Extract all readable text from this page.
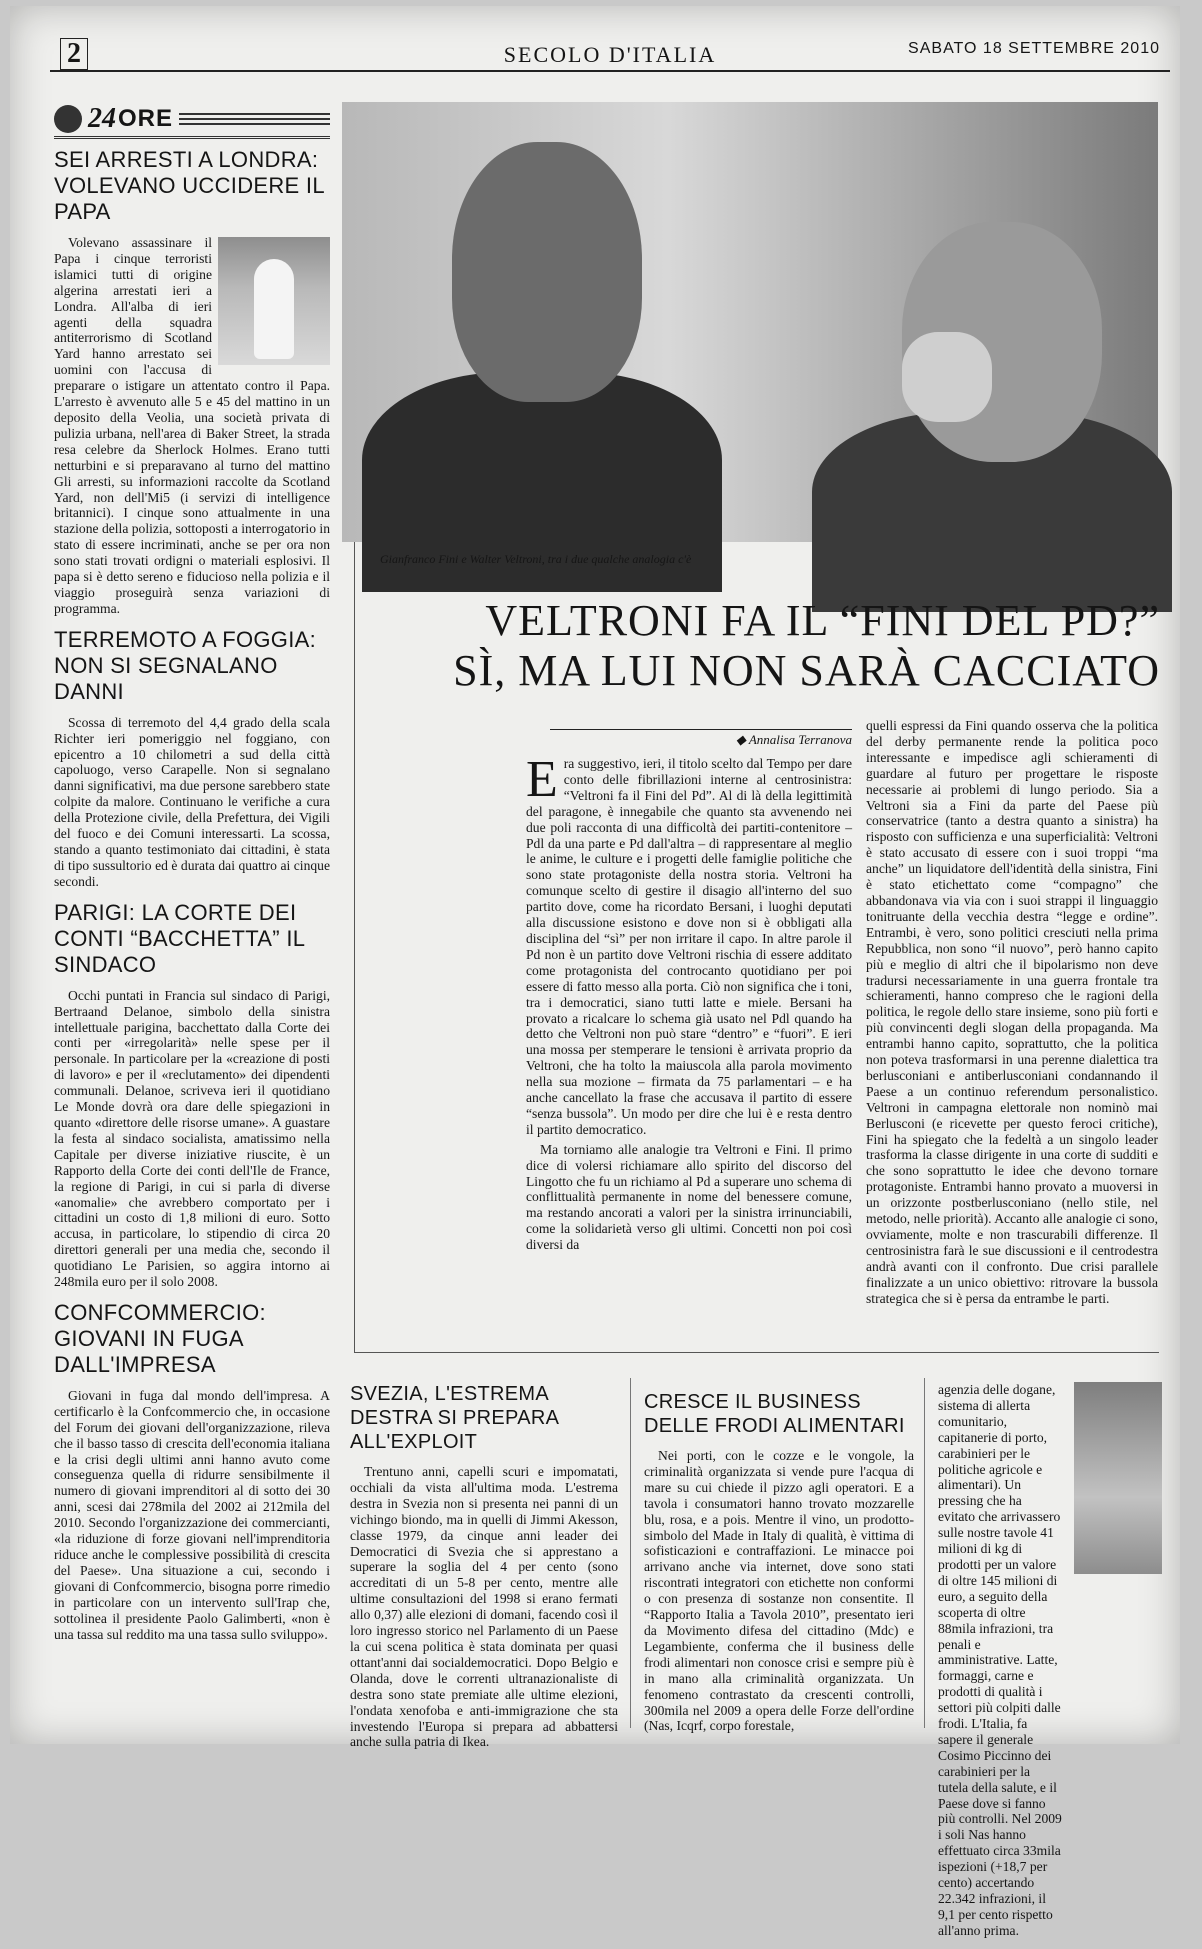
2	SECOLO D'ITALIA	SABATO 18 SETTEMBRE 2010
24 ORE
SEI ARRESTI A LONDRA: VOLEVANO UCCIDERE IL PAPA

Volevano assassinare il Papa i cinque terroristi islamici tutti di origine algerina arrestati ieri a Londra. All'alba di ieri agenti della squadra antiterrorismo di Scotland Yard hanno arrestato sei uomini con l'accusa di preparare o istigare un attentato contro il Papa. L'arresto è avvenuto alle 5 e 45 del mattino in un deposito della Veolia, una società privata di pulizia urbana, nell'area di Baker Street, la strada resa celebre da Sherlock Holmes. Erano tutti netturbini e si preparavano al turno del mattino Gli arresti, su informazioni raccolte da Scotland Yard, non dell'Mi5 (i servizi di intelligence britannici). I cinque sono attualmente in una stazione della polizia, sottoposti a interrogatorio in stato di essere incriminati, anche se per ora non sono stati trovati ordigni o materiali esplosivi. Il papa si è detto sereno e fiducioso nella polizia e il viaggio proseguirà senza variazioni di programma.

TERREMOTO A FOGGIA: NON SI SEGNALANO DANNI

Scossa di terremoto del 4,4 grado della scala Richter ieri pomeriggio nel foggiano, con epicentro a 10 chilometri a sud della città capoluogo, verso Carapelle. Non si segnalano danni significativi, ma due persone sarebbero state colpite da malore. Continuano le verifiche a cura della Protezione civile, della Prefettura, dei Vigili del fuoco e dei Comuni interessarti. La scossa, stando a quanto testimoniato dai cittadini, è stata di tipo sussultorio ed è durata dai quattro ai cinque secondi.

PARIGI: LA CORTE DEI CONTI “BACCHETTA” IL SINDACO

Occhi puntati in Francia sul sindaco di Parigi, Bertraand Delanoe, simbolo della sinistra intellettuale parigina, bacchettato dalla Corte dei conti per «irregolarità» nelle spese per il personale. In particolare per la «creazione di posti di lavoro» e per il «reclutamento» dei dipendenti communali. Delanoe, scriveva ieri il quotidiano Le Monde dovrà ora dare delle spiegazioni in quanto «direttore delle risorse umane». A guastare la festa al sindaco socialista, amatissimo nella Capitale per diverse iniziative riuscite, è un Rapporto della Corte dei conti dell'Ile de France, la regione di Parigi, in cui si parla di diverse «anomalie» che avrebbero comportato per i cittadini un costo di 1,8 milioni di euro. Sotto accusa, in particolare, lo stipendio di circa 20 direttori generali per una media che, secondo il quotidiano Le Parisien, so aggira intorno ai 248mila euro per il solo 2008.

CONFCOMMERCIO: GIOVANI IN FUGA DALL'IMPRESA

Giovani in fuga dal mondo dell'impresa. A certificarlo è la Confcommercio che, in occasione del Forum dei giovani dell'organizzazione, rileva che il basso tasso di crescita dell'economia italiana e la crisi degli ultimi anni hanno avuto come conseguenza quella di ridurre sensibilmente il numero di giovani imprenditori al di sotto dei 30 anni, scesi dai 278mila del 2002 ai 212mila del 2010. Secondo l'organizzazione dei commercianti, «la riduzione di forze giovani nell'imprenditoria riduce anche le complessive possibilità di crescita del Paese». Una situazione a cui, secondo i giovani di Confcommercio, bisogna porre rimedio in particolare con un intervento sull'Irap che, sottolinea il presidente Paolo Galimberti, «non è una tassa sul reddito ma una tassa sullo sviluppo».

Gianfranco Fini e Walter Veltroni, tra i due qualche analogia c'è
VELTRONI FA IL “FINI DEL PD?”
SÌ, MA LUI NON SARÀ CACCIATO
◆ Annalisa Terranova
E ra suggestivo, ieri, il titolo scelto dal Tempo per dare conto delle fibrillazioni interne al centrosinistra: “Veltroni fa il Fini del Pd”. Al di là della legittimità del paragone, è innegabile che quanto sta avvenendo nei due poli racconta di una difficoltà dei partiti-contenitore – Pdl da una parte e Pd dall'altra – di rappresentare al meglio le anime, le culture e i progetti delle famiglie politiche che sono state protagoniste della nostra storia. Veltroni ha comunque scelto di gestire il disagio all'interno del suo partito dove, come ha ricordato Bersani, i luoghi deputati alla discussione esistono e dove non si è obbligati alla disciplina del “sì” per non irritare il capo. In altre parole il Pd non è un partito dove Veltroni rischia di essere additato come protagonista del controcanto quotidiano per poi essere di fatto messo alla porta. Ciò non significa che i toni, tra i democratici, siano tutti latte e miele. Bersani ha provato a ricalcare lo schema già usato nel Pdl quando ha detto che Veltroni non può stare “dentro” e “fuori”. E ieri una mossa per stemperare le tensioni è arrivata proprio da Veltroni, che ha tolto la maiuscola alla parola movimento nella sua mozione – firmata da 75 parlamentari – e ha anche cancellato la frase che accusava il partito di essere “senza bussola”. Un modo per dire che lui è e resta dentro il partito democratico.

Ma torniamo alle analogie tra Veltroni e Fini. Il primo dice di volersi richiamare allo spirito del discorso del Lingotto che fu un richiamo al Pd a superare uno schema di conflittualità permanente in nome del benessere comune, ma restando ancorati a valori per la sinistra irrinunciabili, come la solidarietà verso gli ultimi. Concetti non poi così diversi da

quelli espressi da Fini quando osserva che la politica del derby permanente rende la politica poco interessante e impedisce agli schieramenti di guardare al futuro per progettare le risposte necessarie ai problemi di lungo periodo. Sia a Veltroni sia a Fini da parte del Paese più conservatrice (tanto a destra quanto a sinistra) ha risposto con sufficienza e una superficialità: Veltroni è stato accusato di essere con i suoi troppi “ma anche” un liquidatore dell'identità della sinistra, Fini è stato etichettato come “compagno” che abbandonava via via con i suoi strappi il linguaggio tonitruante della vecchia destra “legge e ordine”. Entrambi, è vero, sono politici cresciuti nella prima Repubblica, non sono “il nuovo”, però hanno capito più e meglio di altri che il bipolarismo non deve tradursi necessariamente in una guerra frontale tra schieramenti, hanno compreso che le ragioni della politica, le regole dello stare insieme, sono più forti e più convincenti degli slogan della propaganda. Ma entrambi hanno capito, soprattutto, che la politica non poteva trasformarsi in una perenne dialettica tra berlusconiani e antiberlusconiani condannando il Paese a un continuo referendum personalistico. Veltroni in campagna elettorale non nominò mai Berlusconi (e ricevette per questo feroci critiche), Fini ha spiegato che la fedeltà a un singolo leader trasforma la classe dirigente in una corte di sudditi e che sono soprattutto le idee che devono tornare protagoniste. Entrambi hanno provato a muoversi in un orizzonte postberlusconiano (nello stile, nel metodo, nelle priorità). Accanto alle analogie ci sono, ovviamente, molte e non trascurabili differenze. Il centrosinistra farà le sue discussioni e il centrodestra andrà avanti con il confronto. Due crisi parallele finalizzate a un unico obiettivo: ritrovare la bussola strategica che si è persa da entrambe le parti.

SVEZIA, L'ESTREMA DESTRA SI PREPARA ALL'EXPLOIT

Trentuno anni, capelli scuri e impomatati, occhiali da vista all'ultima moda. L'estrema destra in Svezia non si presenta nei panni di un vichingo biondo, ma in quelli di Jimmi Akesson, classe 1979, da cinque anni leader dei Democratici di Svezia che si apprestano a superare la soglia del 4 per cento (sono accreditati di un 5-8 per cento, mentre alle ultime consultazioni del 1998 si erano fermati allo 0,37) alle elezioni di domani, facendo così il loro ingresso storico nel Parlamento di un Paese la cui scena politica è stata dominata per quasi ottant'anni dai socialdemocratici. Dopo Belgio e Olanda, dove le correnti ultranazionaliste di destra sono state premiate alle ultime elezioni, l'ondata xenofoba e anti-immigrazione che sta investendo l'Europa si prepara ad abbattersi anche sulla patria di Ikea.

CRESCE IL BUSINESS DELLE FRODI ALIMENTARI

Nei porti, con le cozze e le vongole, la criminalità organizzata si vende pure l'acqua di mare su cui chiede il pizzo agli operatori. E a tavola i consumatori hanno trovato mozzarelle blu, rosa, e a pois. Mentre il vino, un prodotto-simbolo del Made in Italy di qualità, è vittima di sofisticazioni e contraffazioni. Le minacce poi arrivano anche via internet, dove sono stati riscontrati integratori con etichette non conformi o con presenza di sostanze non consentite. Il “Rapporto Italia a Tavola 2010”, presentato ieri da Movimento difesa del cittadino (Mdc) e Legambiente, conferma che il business delle frodi alimentari non conosce crisi e sempre più è in mano alla criminalità organizzata. Un fenomeno contrastato da crescenti controlli, 300mila nel 2009 a opera delle Forze dell'ordine (Nas, Icqrf, corpo forestale,

agenzia delle dogane, sistema di allerta comunitario, capitanerie di porto, carabinieri per le politiche agricole e alimentari). Un pressing che ha evitato che arrivassero sulle nostre tavole 41 milioni di kg di prodotti per un valore di oltre 145 milioni di euro, a seguito della scoperta di oltre 88mila infrazioni, tra penali e amministrative. Latte, formaggi, carne e prodotti di qualità i settori più colpiti dalle frodi. L'Italia, fa sapere il generale Cosimo Piccinno dei carabinieri per la tutela della salute, e il Paese dove si fanno più controlli. Nel 2009 i soli Nas hanno effettuato circa 33mila ispezioni (+18,7 per cento) accertando 22.342 infrazioni, il 9,1 per cento rispetto all'anno prima.
